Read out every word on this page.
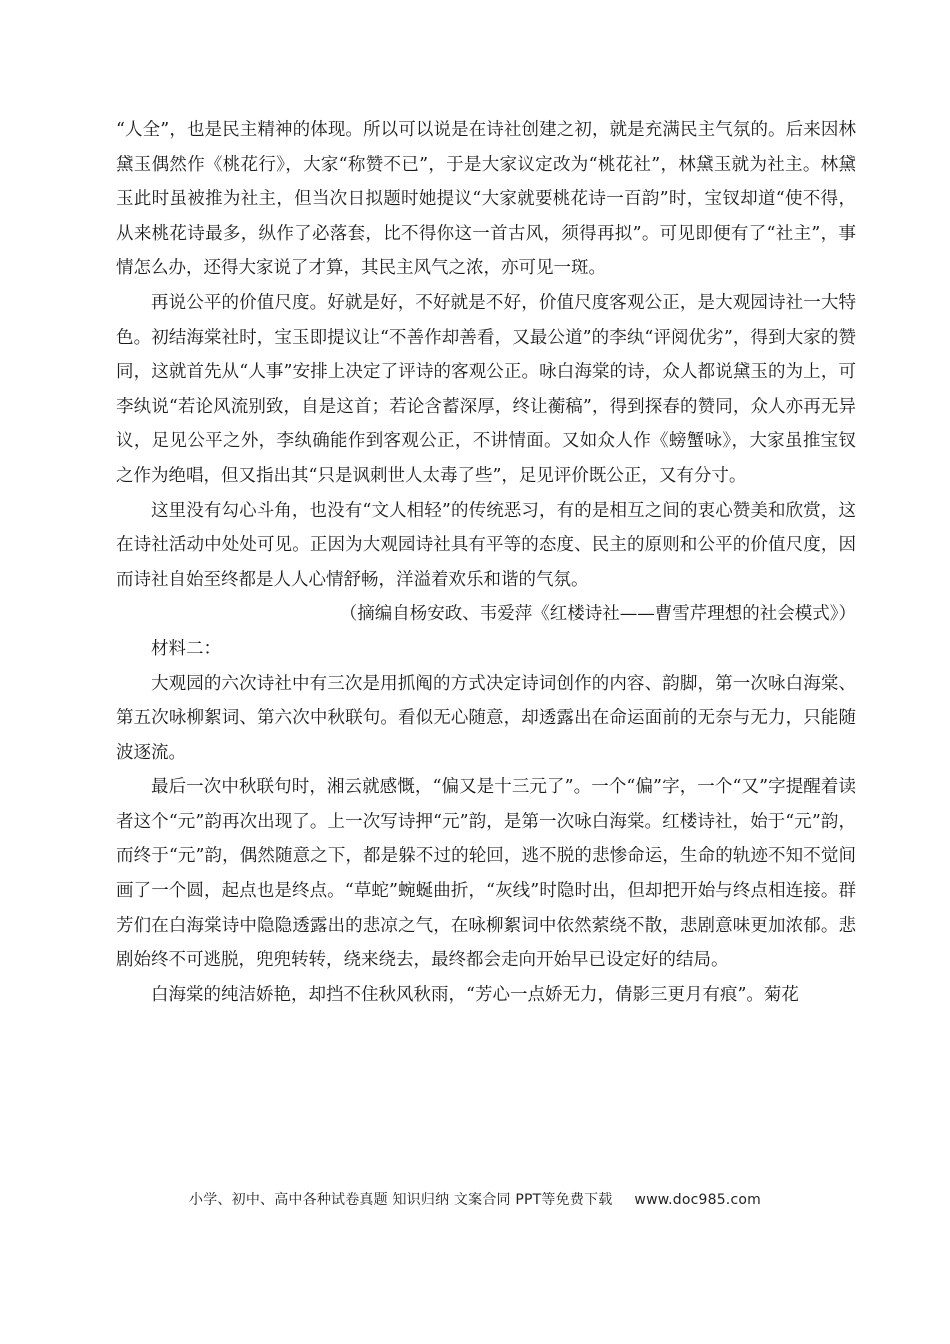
“人全”，也是民主精神的体现。所以可以说是在诗社创建之初，就是充满民主气氛的。后来因林黛玉偶然作《桃花行》，大家“称赞不已”，于是大家议定改为“桃花社”，林黛玉就为社主。林黛玉此时虽被推为社主，但当次日拟题时她提议“大家就要桃花诗一百韵”时，宝钗却道“使不得，从来桃花诗最多，纵作了必落套，比不得你这一首古风，须得再拟”。可见即便有了“社主”，事情怎么办，还得大家说了才算，其民主风气之浓，亦可见一斑。

再说公平的价值尺度。好就是好，不好就是不好，价值尺度客观公正，是大观园诗社一大特色。初结海棠社时，宝玉即提议让“不善作却善看，又最公道”的李纨“评阅优劣”，得到大家的赞同，这就首先从“人事”安排上决定了评诗的客观公正。咏白海棠的诗，众人都说黛玉的为上，可李纨说“若论风流别致，自是这首；若论含蓄深厚，终让蘅稿”，得到探春的赞同，众人亦再无异议，足见公平之外，李纨确能作到客观公正，不讲情面。又如众人作《螃蟹咏》，大家虽推宝钗之作为绝唱，但又指出其“只是讽刺世人太毒了些”，足见评价既公正，又有分寸。

这里没有勾心斗角，也没有“文人相轻”的传统恶习，有的是相互之间的衷心赞美和欣赏，这在诗社活动中处处可见。正因为大观园诗社具有平等的态度、民主的原则和公平的价值尺度，因而诗社自始至终都是人人心情舒畅，洋溢着欢乐和谐的气氛。

（摘编自杨安政、韦爱萍《红楼诗社——曹雪芹理想的社会模式》）

材料二：

大观园的六次诗社中有三次是用抓阄的方式决定诗词创作的内容、韵脚，第一次咏白海棠、第五次咏柳絮词、第六次中秋联句。看似无心随意，却透露出在命运面前的无奈与无力，只能随波逐流。

最后一次中秋联句时，湘云就感慨，“偏又是十三元了”。一个“偏”字，一个“又”字提醒着读者这个“元”韵再次出现了。上一次写诗押“元”韵，是第一次咏白海棠。红楼诗社，始于“元”韵，而终于“元”韵，偶然随意之下，都是躲不过的轮回，逃不脱的悲惨命运，生命的轨迹不知不觉间画了一个圆，起点也是终点。“草蛇”蜿蜒曲折，“灰线”时隐时出，但却把开始与终点相连接。群芳们在白海棠诗中隐隐透露出的悲凉之气，在咏柳絮词中依然萦绕不散，悲剧意味更加浓郁。悲剧始终不可逃脱，兜兜转转，绕来绕去，最终都会走向开始早已设定好的结局。

白海棠的纯洁娇艳，却挡不住秋风秋雨，“芳心一点娇无力，倩影三更月有痕”。菊花

小学、初中、高中各种试卷真题 知识归纳 文案合同 PPT等免费下载 www.doc985.com
